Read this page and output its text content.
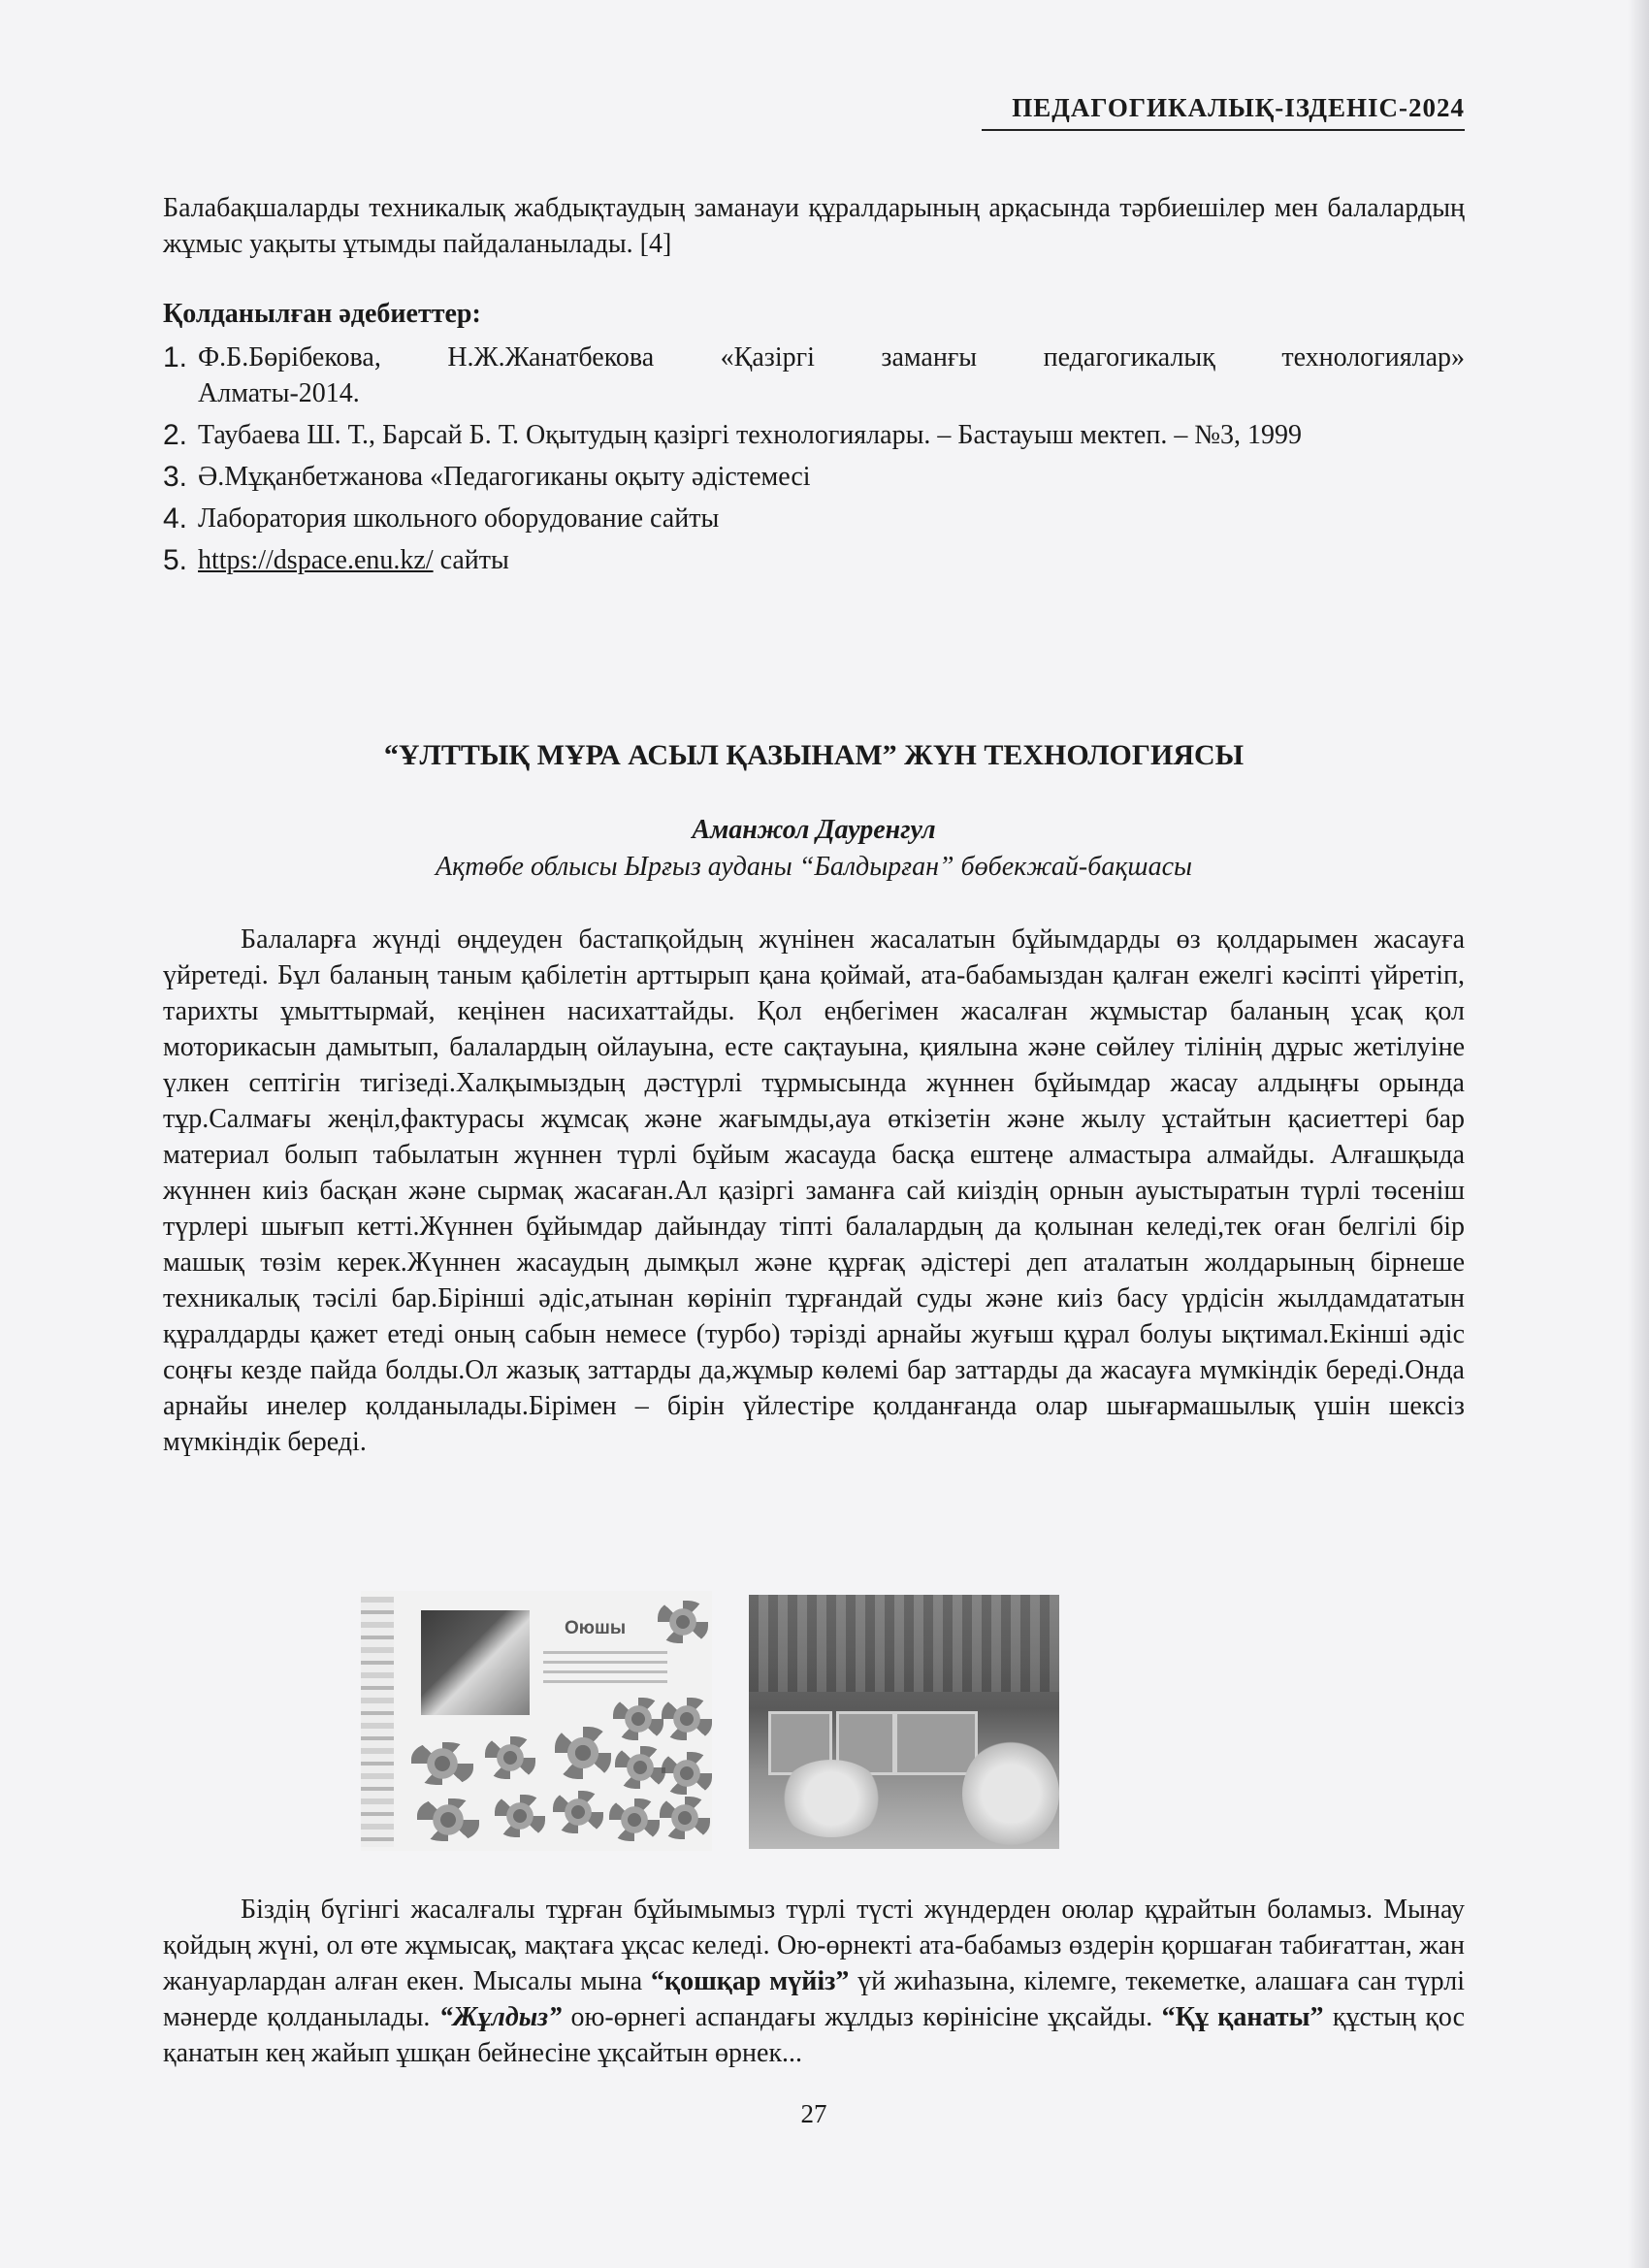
ПЕДАГОГИКАЛЫҚ-ІЗДЕНІС-2024

Балабақшаларды техникалық жабдықтаудың заманауи құралдарының арқасында тәрбиешілер мен балалардың жұмыс уақыты ұтымды пайдаланылады. [4]

Қолданылған әдебиеттер:
1. Ф.Б.Бөрібекова, Н.Ж.Жанатбекова «Қазіргі заманғы педагогикалық технологиялар»
Алматы-2014.
2. Таубаева Ш. Т., Барсай Б. Т. Оқытудың қазіргі технологиялары. – Бастауыш мектеп. – №3, 1999
3. Ә.Мұқанбетжанова «Педагогиканы оқыту әдістемесі
4. Лаборатория школьного оборудование сайты
5. https://dspace.enu.kz/ сайты
“ҰЛТТЫҚ МҰРА АСЫЛ ҚАЗЫНАМ” ЖҮН ТЕХНОЛОГИЯСЫ
Аманжол Дауренгул
Ақтөбе облысы Ырғыз ауданы “Балдырған” бөбекжай-бақшасы

Балаларға жүнді өңдеуден бастапқойдың жүнінен жасалатын бұйымдарды өз қолдарымен жасауға үйретеді. Бұл баланың таным қабілетін арттырып қана қоймай, ата-бабамыздан қалған ежелгі кәсіпті үйретіп, тарихты ұмыттырмай, кеңінен насихаттайды. Қол еңбегімен жасалған жұмыстар баланың ұсақ қол моторикасын дамытып, балалардың ойлауына, есте сақтауына, қиялына және сөйлеу тілінің дұрыс жетілуіне үлкен септігін тигізеді.Халқымыздың дәстүрлі тұрмысында жүннен бұйымдар жасау алдыңғы орында тұр.Салмағы жеңіл,фактурасы жұмсақ және жағымды,ауа өткізетін және жылу ұстайтын қасиеттері бар материал болып табылатын жүннен түрлі бұйым жасауда басқа ештеңе алмастыра алмайды. Алғашқыда жүннен киіз басқан және сырмақ жасаған.Ал қазіргі заманға сай киіздің орнын ауыстыратын түрлі төсеніш түрлері шығып кетті.Жүннен бұйымдар дайындау тіпті балалардың да қолынан келеді,тек оған белгілі бір машық төзім керек.Жүннен жасаудың дымқыл және құрғақ әдістері деп аталатын жолдарының бірнеше техникалық тәсілі бар.Бірінші әдіс,атынан көрініп тұрғандай суды және киіз басу үрдісін жылдамдататын құралдарды қажет етеді оның сабын немесе (турбо) тәрізді арнайы жуғыш құрал болуы ықтимал.Екінші әдіс соңғы кезде пайда болды.Ол жазық заттарды да,жұмыр көлемі бар заттарды да жасауға мүмкіндік береді.Онда арнайы инелер қолданылады.Бірімен – бірін үйлестіре қолданғанда олар шығармашылық үшін шексіз мүмкіндік береді.

Оюшы

Біздің бүгінгі жасалғалы тұрған бұйымымыз түрлі түсті жүндерден оюлар құрайтын боламыз. Мынау қойдың жүні, ол өте жұмысақ, мақтаға ұқсас келеді. Ою-өрнекті ата-бабамыз өздерін қоршаған табиғаттан, жан жануарлардан алған екен. Мысалы мына “қошқар мүйіз” үй жиһазына, кілемге, текеметке, алашаға сан түрлі мәнерде қолданылады. “Жұлдыз” ою-өрнегі аспандағы жұлдыз көрінісіне ұқсайды. “Құ қанаты” құстың қос қанатын кең жайып ұшқан бейнесіне ұқсайтын өрнек...

27
